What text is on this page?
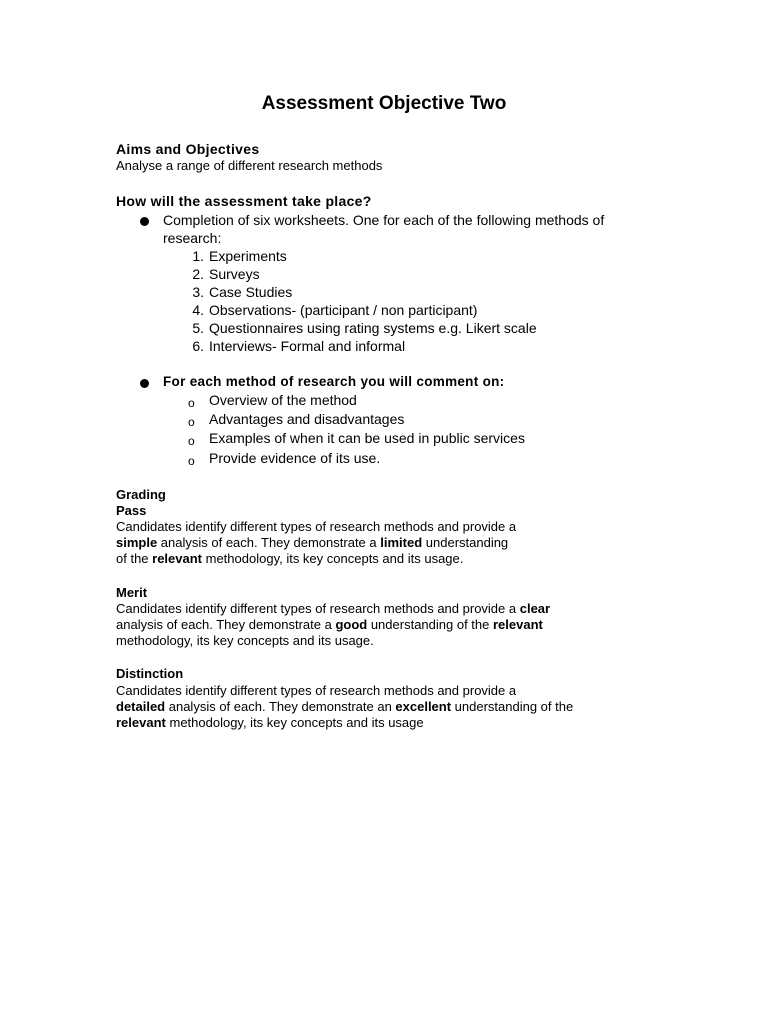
Assessment Objective Two
Aims and Objectives
Analyse a range of different research methods
How will the assessment take place?
Completion of six worksheets. One for each of the following methods of
research:
1. Experiments
2. Surveys
3. Case Studies
4. Observations- (participant / non participant)
5. Questionnaires using rating systems e.g. Likert scale
6. Interviews- Formal and informal
For each method of research you will comment on:
o Overview of the method
o Advantages and disadvantages
o Examples of when it can be used in public services
o Provide evidence of its use.
Grading
Pass
Candidates identify different types of research methods and provide a
simple analysis of each. They demonstrate a limited understanding
of the relevant methodology, its key concepts and its usage.
Merit
Candidates identify different types of research methods and provide a clear
analysis of each. They demonstrate a good understanding of the relevant
methodology, its key concepts and its usage.
Distinction
Candidates identify different types of research methods and provide a
detailed analysis of each. They demonstrate an excellent understanding of the
relevant methodology, its key concepts and its usage
